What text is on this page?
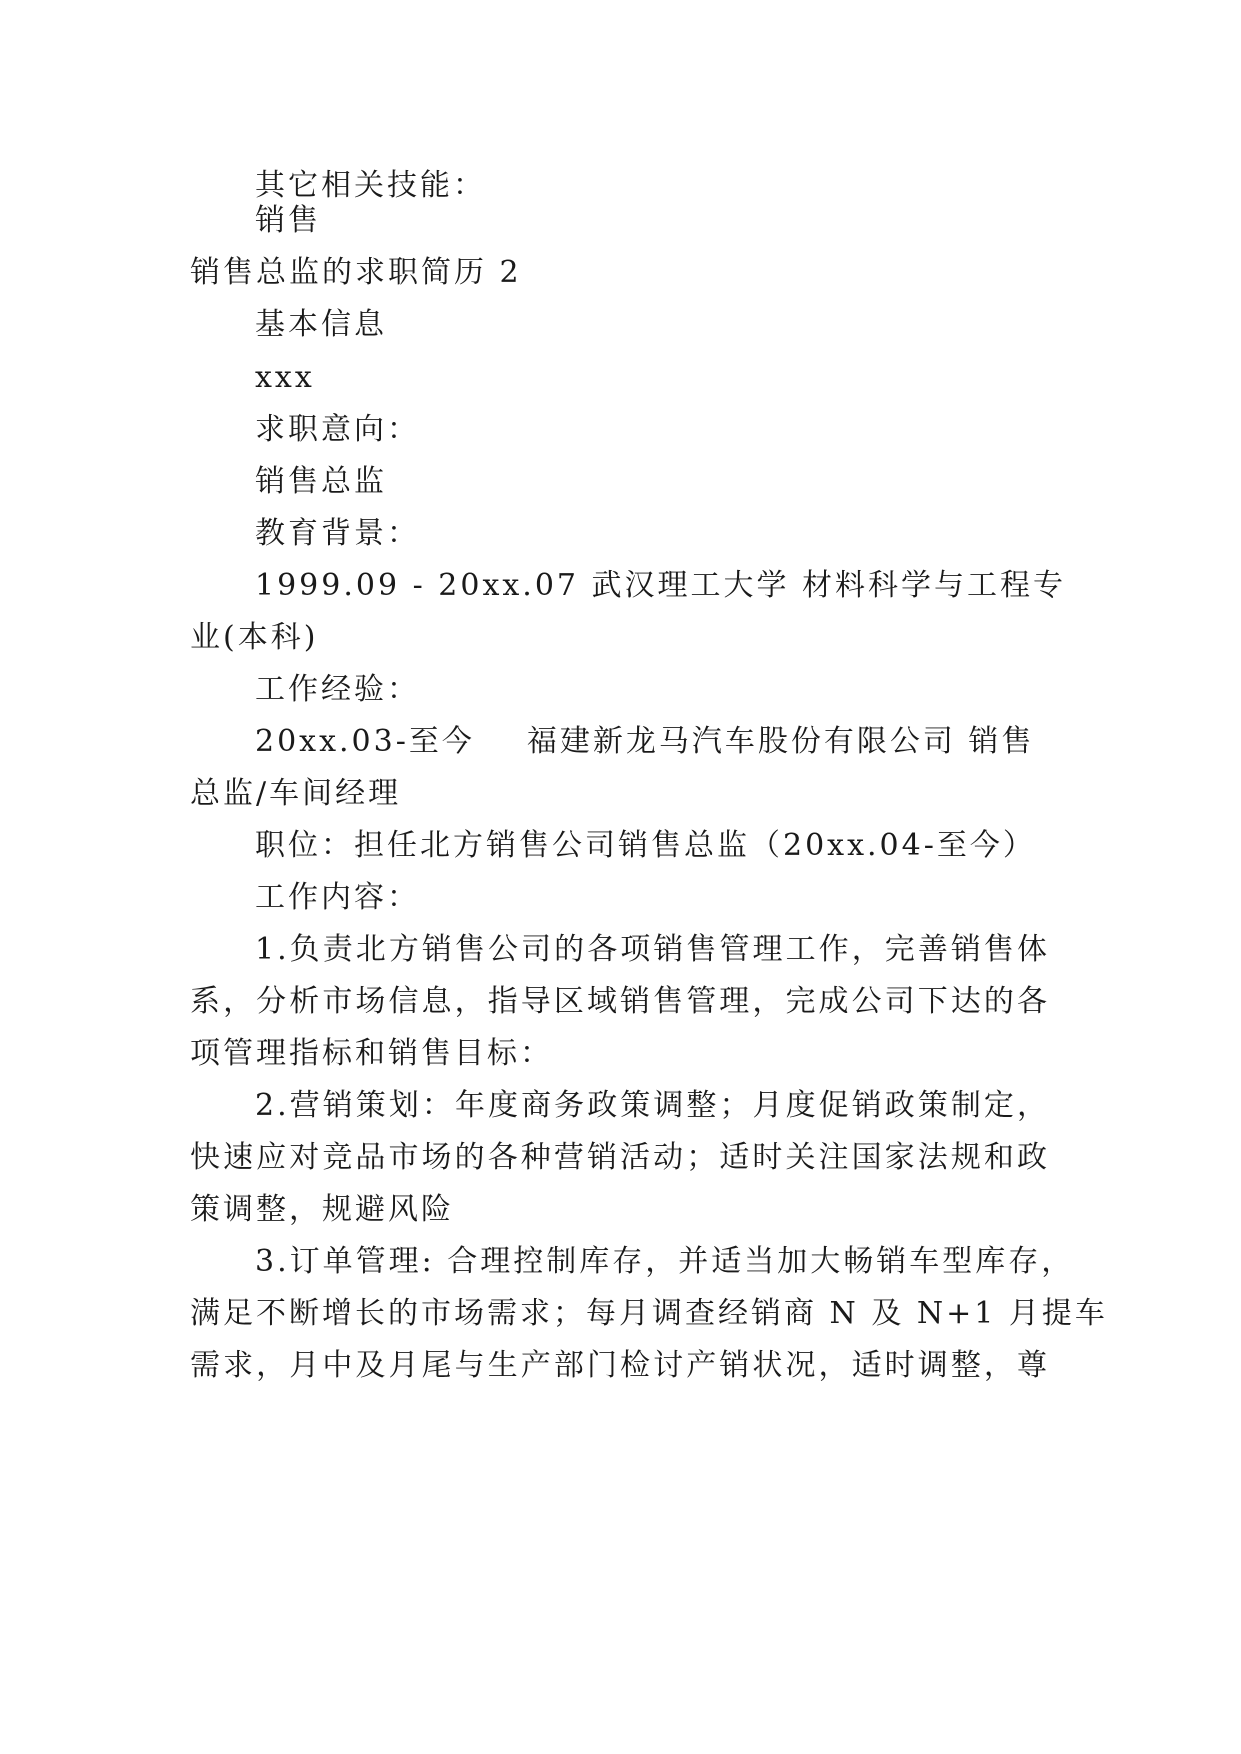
其它相关技能：
销售
销售总监的求职简历 2
基本信息
xxx
求职意向：
销售总监
教育背景：
1999.09 - 20xx.07 武汉理工大学 材料科学与工程专
业(本科)
工作经验：
20xx.03-至今 福建新龙马汽车股份有限公司 销售
总监/车间经理
职位：担任北方销售公司销售总监（20xx.04-至今）
工作内容：
1.负责北方销售公司的各项销售管理工作，完善销售体
系，分析市场信息，指导区域销售管理，完成公司下达的各
项管理指标和销售目标：
2.营销策划：年度商务政策调整；月度促销政策制定，
快速应对竞品市场的各种营销活动；适时关注国家法规和政
策调整，规避风险
3.订单管理: 合理控制库存，并适当加大畅销车型库存，
满足不断增长的市场需求；每月调查经销商 N 及 N+1 月提车
需求，月中及月尾与生产部门检讨产销状况，适时调整，尊
